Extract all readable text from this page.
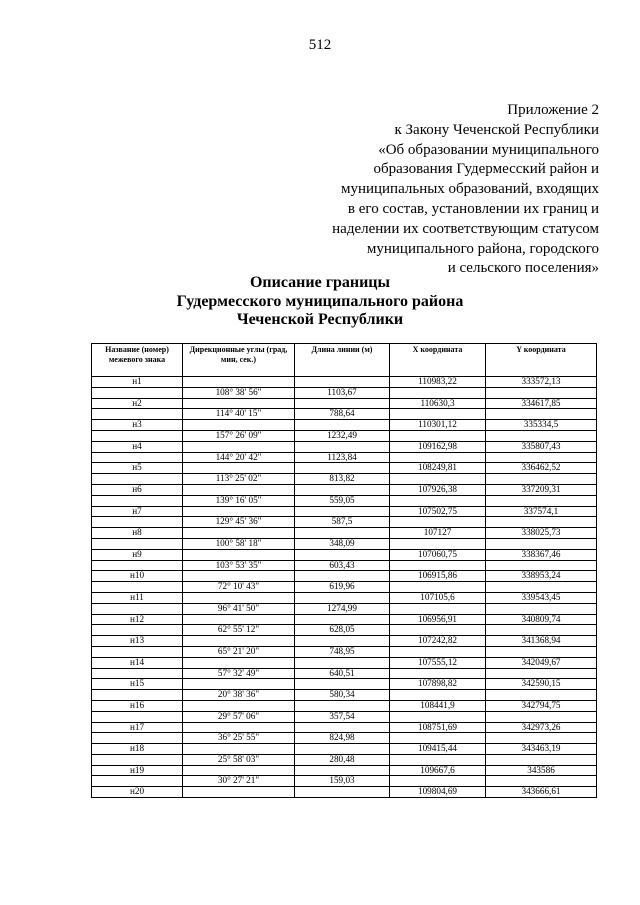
512
Приложение 2
к Закону Чеченской Республики
«Об образовании муниципального
образования Гудермесский район и
муниципальных образований, входящих
в его состав, установлении их границ и
наделении их соответствующим статусом
муниципального района, городского
и сельского поселения»
Описание границы
Гудермесского муниципального района
Чеченской Республики
Название (номер) межевого знака	Дирекционные углы (град, мин, сек.)	Длина линии (м)	X координата	Y координата
н1			110983,22	333572,13
	108° 38' 56"	1103,67		
н2			110630,3	334617,85
	114° 40' 15"	788,64		
н3			110301,12	335334,5
	157° 26' 09"	1232,49		
н4			109162,98	335807,43
	144° 20' 42"	1123,84		
н5			108249,81	336462,52
	113° 25' 02"	813,82		
н6			107926,38	337209,31
	139° 16' 05"	559,05		
н7			107502,75	337574,1
	129° 45' 36"	587,5		
н8			107127	338025,73
	100° 58' 18"	348,09		
н9			107060,75	338367,46
	103° 53' 35"	603,43		
н10			106915,86	338953,24
	72° 10' 43"	619,96		
н11			107105,6	339543,45
	96° 41' 50"	1274,99		
н12			106956,91	340809,74
	62° 55' 12"	628,05		
н13			107242,82	341368,94
	65° 21' 20"	748,95		
н14			107555,12	342049,67
	57° 32' 49"	640,51		
н15			107898,82	342590,15
	20° 38' 36"	580,34		
н16			108441,9	342794,75
	29° 57' 06"	357,54		
н17			108751,69	342973,26
	36° 25' 55"	824,98		
н18			109415,44	343463,19
	25° 58' 03"	280,48		
н19			109667,6	343586
	30° 27' 21"	159,03		
н20			109804,69	343666,61
